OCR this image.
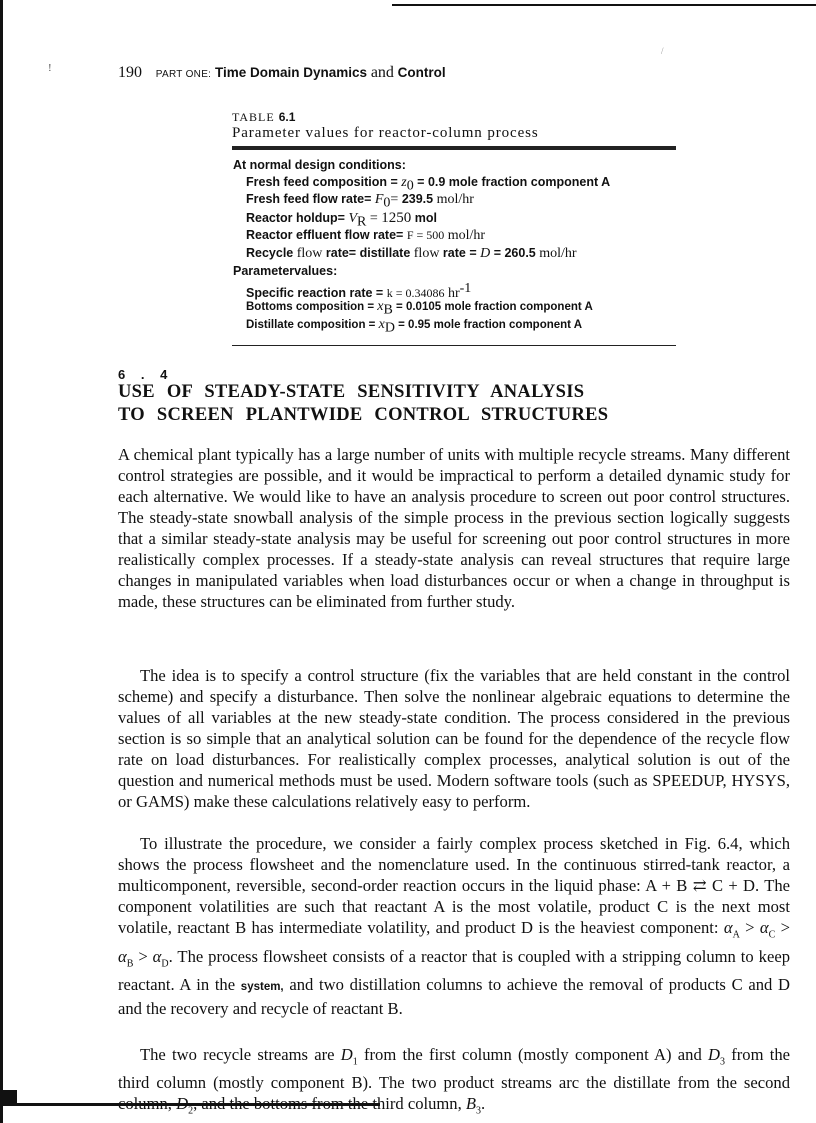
!
/
190 PART ONE: Time Domain Dynamics and Control
TABLE 6.1
Parameter values for reactor-column process
At normal design conditions:
Fresh feed composition = $z_0 = 0.9$ mole fraction component A
Fresh feed flow rate= $F_0= 239.5$ mol/hr
Reactor holdup= $V_R = 1250$ mol
Reactor effluent flow rate= F = 500 mol/hr
Recycle flow rate= distillate flow rate = D = 260.5 mol/hr
Parametervalues:
Specific reaction rate = k = 0.34086 $hr^{-1}$
Bottoms composition = $x_B = 0.0105$ mole fraction component A
Distillate composition = $x_D = 0.95$ mole fraction component A
6 . 4
USE OF STEADY-STATE SENSITIVITY ANALYSIS
TO SCREEN PLANTWIDE CONTROL STRUCTURES
A chemical plant typically has a large number of units with multiple recycle streams. Many different control strategies are possible, and it would be impractical to perform a detailed dynamic study for each alternative. We would like to have an analysis procedure to screen out poor control structures. The steady-state snowball analysis of the simple process in the previous section logically suggests that a similar steady-state analysis may be useful for screening out poor control structures in more realistically complex processes. If a steady-state analysis can reveal structures that require large changes in manipulated variables when load disturbances occur or when a change in throughput is made, these structures can be eliminated from further study.
The idea is to specify a control structure (fix the variables that are held constant in the control scheme) and specify a disturbance. Then solve the nonlinear algebraic equations to determine the values of all variables at the new steady-state condition. The process considered in the previous section is so simple that an analytical solution can be found for the dependence of the recycle flow rate on load disturbances. For realistically complex processes, analytical solution is out of the question and numerical methods must be used. Modern software tools (such as SPEEDUP, HYSYS, or GAMS) make these calculations relatively easy to perform.
To illustrate the procedure, we consider a fairly complex process sketched in Fig. 6.4, which shows the process flowsheet and the nomenclature used. In the continuous stirred-tank reactor, a multicomponent, reversible, second-order reaction occurs in the liquid phase: A + B ⇄ C + D. The component volatilities are such that reactant A is the most volatile, product C is the next most volatile, reactant B has intermediate volatility, and product D is the heaviest component: $\alpha_A > \alpha_C > \alpha_B > \alpha_D$. The process flowsheet consists of a reactor that is coupled with a stripping column to keep reactant. A in the system, and two distillation columns to achieve the removal of products C and D and the recovery and recycle of reactant B.
The two recycle streams are $D_1$ from the first column (mostly component A) and $D_3$ from the third column (mostly component B). The two product streams arc the distillate from the second column, $D_2$, and the bottoms from the third column, $B_3$.
